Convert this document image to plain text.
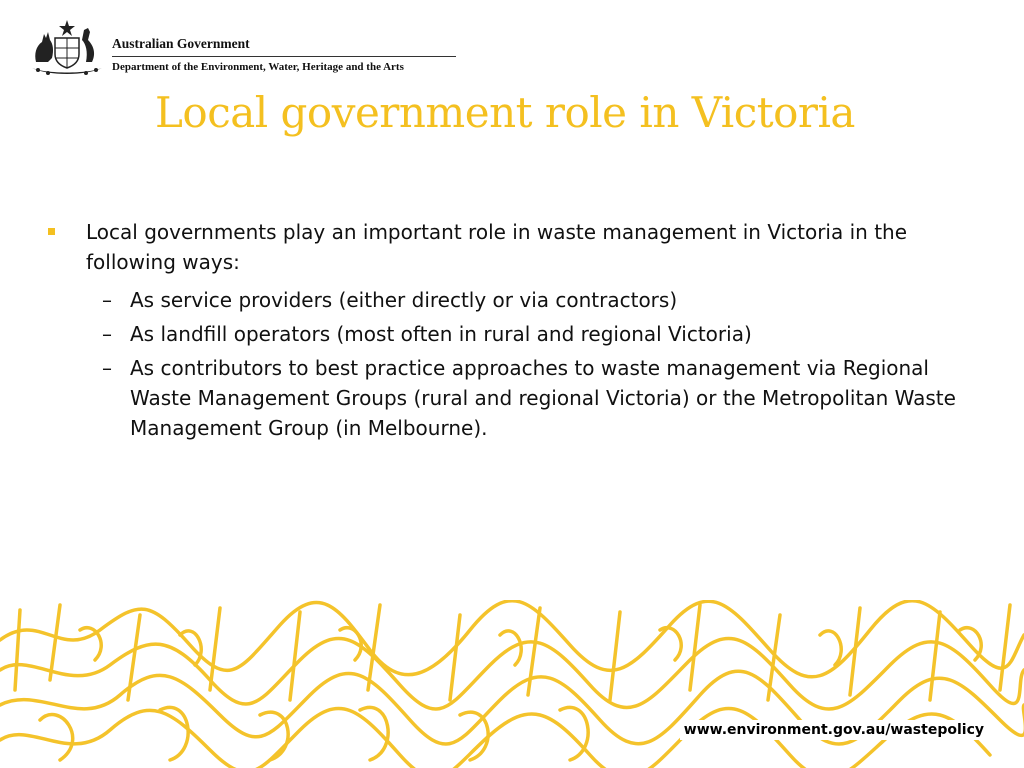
Australian Government
Department of the Environment, Water, Heritage and the Arts
Local government role in Victoria
Local governments play an important role in waste management in Victoria in the following ways:
– As service providers (either directly or via contractors)
– As landfill operators (most often in rural and regional Victoria)
– As contributors to best practice approaches to waste management via Regional Waste Management Groups (rural and regional Victoria) or the Metropolitan Waste Management Group (in Melbourne).
www.environment.gov.au/wastepolicy
